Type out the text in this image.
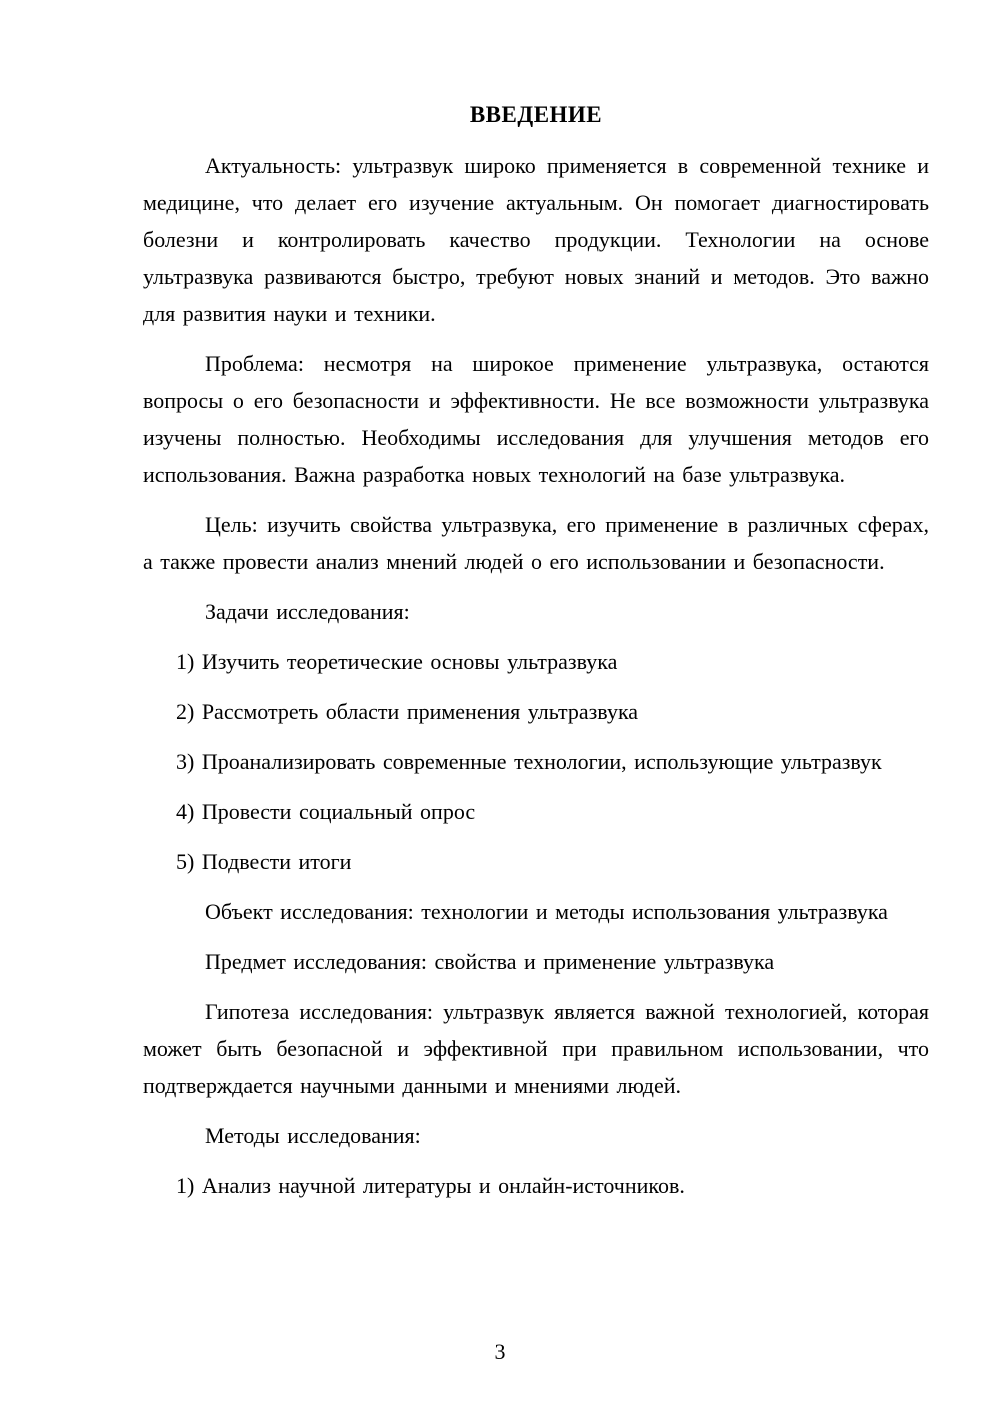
ВВЕДЕНИЕ

Актуальность: ультразвук широко применяется в современной технике и медицине, что делает его изучение актуальным. Он помогает диагностировать болезни и контролировать качество продукции. Технологии на основе ультразвука развиваются быстро, требуют новых знаний и методов. Это важно для развития науки и техники.

Проблема: несмотря на широкое применение ультразвука, остаются вопросы о его безопасности и эффективности. Не все возможности ультразвука изучены полностью. Необходимы исследования для улучшения методов его использования. Важна разработка новых технологий на базе ультразвука.

Цель: изучить свойства ультразвука, его применение в различных сферах, а также провести анализ мнений людей о его использовании и безопасности.

Задачи исследования:

1) Изучить теоретические основы ультразвука

2) Рассмотреть области применения ультразвука

3) Проанализировать современные технологии, использующие ультразвук

4) Провести социальный опрос

5) Подвести итоги

Объект исследования: технологии и методы использования ультразвука

Предмет исследования: свойства и применение ультразвука

Гипотеза исследования: ультразвук является важной технологией, которая может быть безопасной и эффективной при правильном использовании, что подтверждается научными данными и мнениями людей.

Методы исследования:

1) Анализ научной литературы и онлайн-источников.

3
